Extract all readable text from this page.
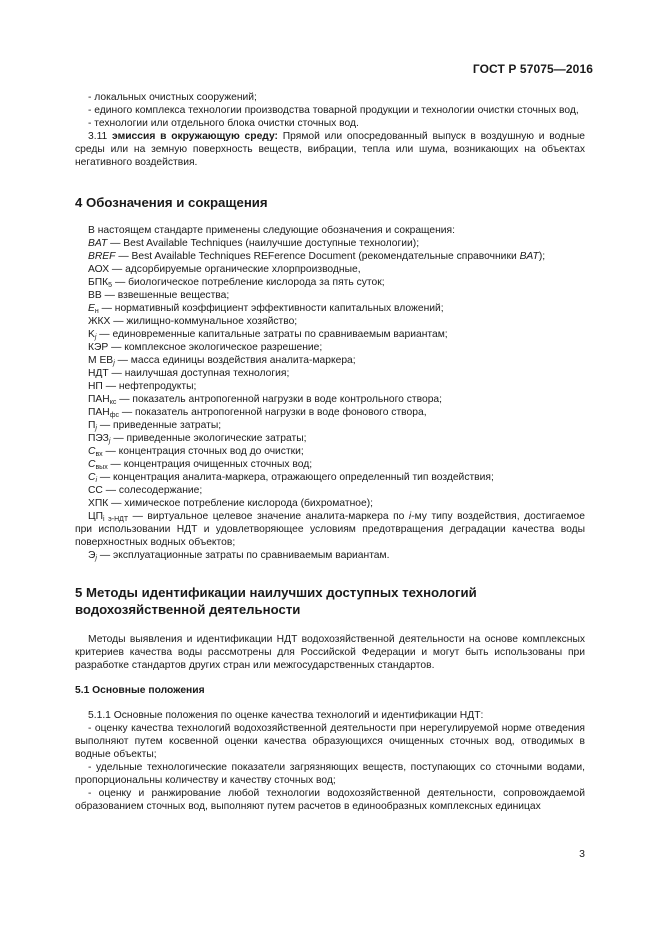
ГОСТ Р 57075—2016

- локальных очистных сооружений;

- единого комплекса технологии производства товарной продукции и технологии очистки сточных вод,

- технологии или отдельного блока очистки сточных вод.

3.11 эмиссия в окружающую среду: Прямой или опосредованный выпуск в воздушную и водные среды или на земную поверхность веществ, вибрации, тепла или шума, возникающих на объектах негативного воздействия.

4 Обозначения и сокращения

В настоящем стандарте применены следующие обозначения и сокращения:

BAT — Best Available Techniques (наилучшие доступные технологии);

BREF — Best Available Techniques REFerence Document (рекомендательные справочники BAT);

АОХ — адсорбируемые органические хлорпроизводные,

$БПК_5$ — биологическое потребление кислорода за пять суток;

ВВ — взвешенные вещества;

$E_н$ — нормативный коэффициент эффективности капитальных вложений;

ЖКХ — жилищно-коммунальное хозяйство;

$K_j$ — единовременные капитальные затраты по сравниваемым вариантам;

КЭР — комплексное экологическое разрешение;

M $EB_j$ — масса единицы воздействия аналита-маркера;

НДТ — наилучшая доступная технология;

НП — нефтепродукты;

$ПАН_{кс}$ — показатель антропогенной нагрузки в воде контрольного створа;

$ПАН_{фс}$ — показатель антропогенной нагрузки в воде фонового створа,

$П_j$ — приведенные затраты;

$ПЭЗ_j$ — приведенные экологические затраты;

$C_{вх}$ — концентрация сточных вод до очистки;

$C_{вых}$ — концентрация очищенных сточных вод;

$C_i$ — концентрация аналита-маркера, отражающего определенный тип воздействия;

СС — солесодержание;

ХПК — химическое потребление кислорода (бихроматное);

$ЦП_{i э-НДТ}$ — виртуальное целевое значение аналита-маркера по i-му типу воздействия, достигаемое при использовании НДТ и удовлетворяющее условиям предотвращения деградации качества воды поверхностных водных объектов;

$Э_j$ — эксплуатационные затраты по сравниваемым вариантам.

5 Методы идентификации наилучших доступных технологий
водохозяйственной деятельности

Методы выявления и идентификации НДТ водохозяйственной деятельности на основе комплексных критериев качества воды рассмотрены для Российской Федерации и могут быть использованы при разработке стандартов других стран или межгосударственных стандартов.

5.1 Основные положения

5.1.1 Основные положения по оценке качества технологий и идентификации НДТ:

- оценку качества технологий водохозяйственной деятельности при нерегулируемой норме отведения выполняют путем косвенной оценки качества образующихся очищенных сточных вод, отводимых в водные объекты;

- удельные технологические показатели загрязняющих веществ, поступающих со сточными водами, пропорциональны количеству и качеству сточных вод;

- оценку и ранжирование любой технологии водохозяйственной деятельности, сопровождаемой образованием сточных вод, выполняют путем расчетов в единообразных комплексных единицах

3
